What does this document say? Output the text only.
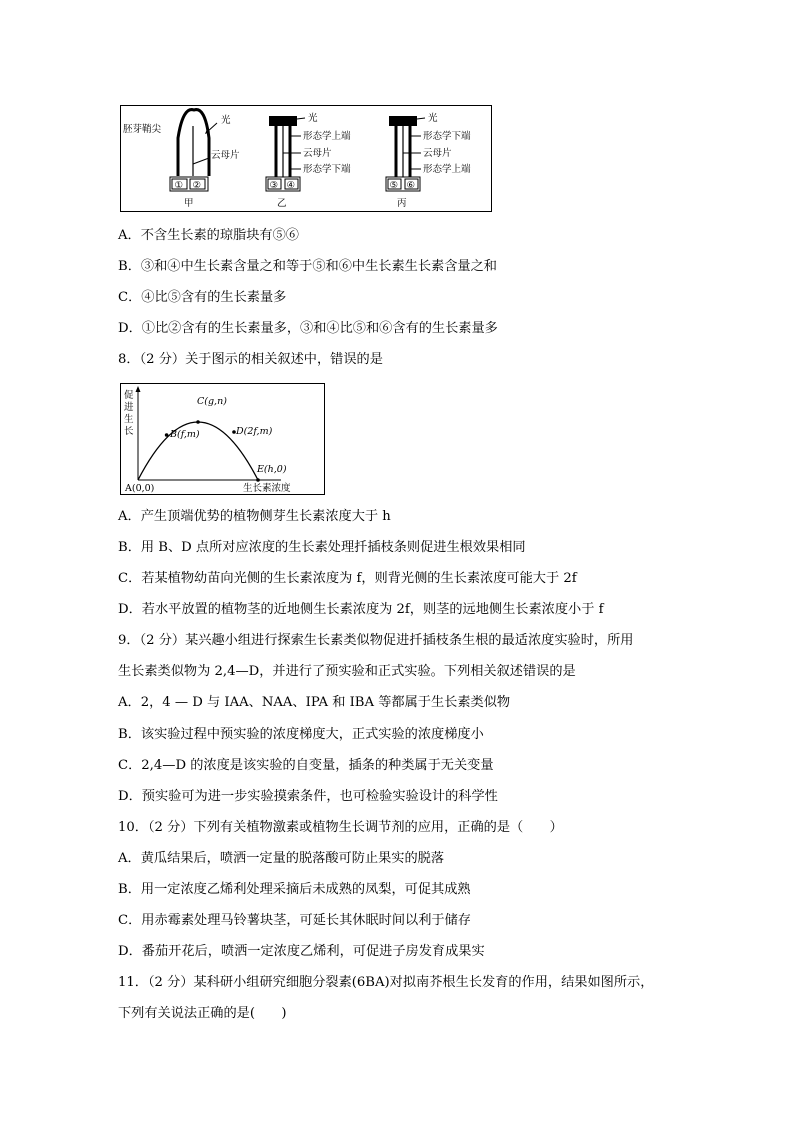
胚芽鞘尖
光
云母片
① ②
甲
光
形态学上端
云母片
形态学下端
③ ④
乙
光
形态学下端
云母片
形态学上端
⑤ ⑥
丙
A．不含生长素的琼脂块有⑤⑥
B．③和④中生长素含量之和等于⑤和⑥中生长素生长素含量之和
C．④比⑤含有的生长素量多
D．①比②含有的生长素量多，③和④比⑤和⑥含有的生长素量多
8．（2 分）关于图示的相关叙述中，错误的是
促
进
生
长
C(g,n)
B(f,m)	D(2f,m)
E(h,0)
A(0,0)	生长素浓度
A．产生顶端优势的植物侧芽生长素浓度大于 h
B．用 B、D 点所对应浓度的生长素处理扦插枝条则促进生根效果相同
C．若某植物幼苗向光侧的生长素浓度为 f，则背光侧的生长素浓度可能大于 2f
D．若水平放置的植物茎的近地侧生长素浓度为 2f，则茎的远地侧生长素浓度小于 f
9．（2 分）某兴趣小组进行探索生长素类似物促进扦插枝条生根的最适浓度实验时，所用
生长素类似物为 2,4—D，并进行了预实验和正式实验。下列相关叙述错误的是
A．2，4 — D 与 IAA、NAA、IPA 和 IBA 等都属于生长素类似物
B．该实验过程中预实验的浓度梯度大，正式实验的浓度梯度小
C．2,4—D 的浓度是该实验的自变量，插条的种类属于无关变量
D．预实验可为进一步实验摸索条件，也可检验实验设计的科学性
10．（2 分）下列有关植物激素或植物生长调节剂的应用，正确的是（　　）
A．黄瓜结果后，喷洒一定量的脱落酸可防止果实的脱落
B．用一定浓度乙烯利处理采摘后未成熟的凤梨，可促其成熟
C．用赤霉素处理马铃薯块茎，可延长其休眠时间以利于储存
D．番茄开花后，喷洒一定浓度乙烯利，可促进子房发育成果实
11．（2 分）某科研小组研究细胞分裂素(6BA)对拟南芥根生长发育的作用，结果如图所示，
下列有关说法正确的是(　　)
